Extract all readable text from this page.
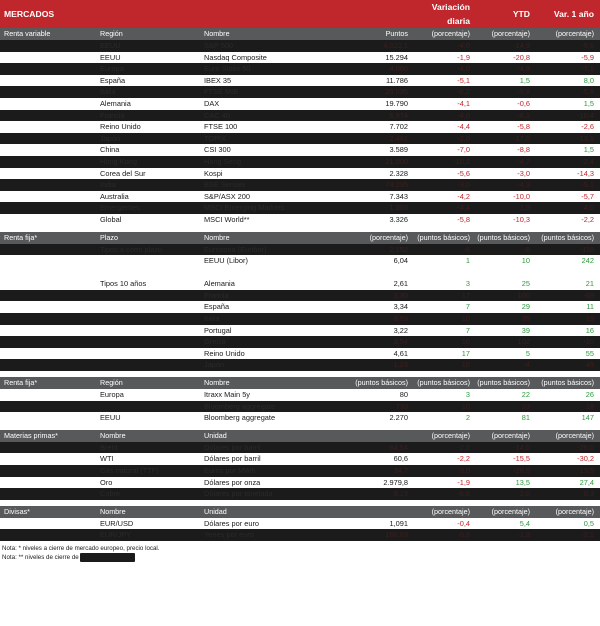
MERCADOS				Variación diaria	YTD	Var. 1 año
Renta variable	Región	Nombre	Puntos	(porcentaje)	(porcentaje)	(porcentaje)
	EEUU	S&P 500	4.022,1	-4,0	-14,9	-9,6
	EEUU	Nasdaq Composite	15.294	-1,9	-20,8	-5,9
	Europa	Euro Stoxx 50	4.060	-4,0	-4,9	-7,1
	España	IBEX 35	11.786	-5,1	1,5	8,0
	Italia	FTSE MIB	29.035	-6,2	-9,8	-5,8
	Alemania	DAX	19.790	-4,1	-0,6	1,5
	Francia	CAC 40	6.974	-4,0	-8,1	-10,4
	Reino Unido	FTSE 100	7.702	-4,4	-5,8	-2,6
	Japón	TOPIX	2.481	-2,0	-17,0	-13,1
	China	CSI 300	3.589	-7,0	-8,8	1,5
	Hong Kong	Hang Seng	21.000	-10,2	-4,7	-2,4
	Corea del Sur	Kospi	2.328	-5,6	-3,0	-14,3
	India	BSE Sensex	74.295	-3,0	-4,3	-5,1
	Australia	S&P/ASX 200	7.343	-4,2	-10,0	-5,7
	Emergentes	MSCI Emerging Markets	1.003	-4,4	1,9	4,0
	Global	MSCI World**	3.326	-5,8	-10,3	-2,2

Renta fija*	Plazo	Nombre	(porcentaje)	(puntos básicos)	(puntos básicos)	(puntos básicos)
	Tipos a corto plazo	Eurozona (Euribor)	2,152	-6	-8	-118
		EEUU (Libor)	6,04	1	10	242

	Tipos 10 años	Alemania	2,61	3	25	21
		Francia	3,30	17	100	-69
		España	3,34	7	29	11
		Italia	3,93	10	35	19
		Portugal	3,22	7	39	16
		Grecia	3,54	10	102	-10
		Reino Unido	4,61	17	5	55
		Japón	1,23	10	-4	49

Renta fija*	Región	Nombre	(puntos básicos)	(puntos básicos)	(puntos básicos)	(puntos básicos)
	Europa	Itraxx Main 5y	80	3	22	26
		Bloomberg aggregate	733	10	33	18
	EEUU	Bloomberg aggregate	2.270	2	81	147

Materias primas*	Nombre	Unidad		(porcentaje)	(porcentaje)	(porcentaje)
	Brent	Dólares por barril	64,54	-2,2	-14,0	-26,0
	WTI	Dólares por barril	60,6	-2,2	-15,5	-30,2
	Gas natural (TTF)	Euros por MWh	34,7	-3,0	-28,6	13,5
	Oro	Dólares por onza	2.979,8	-1,9	13,5	27,4
	Cobre	Dólares por tonelada	9,13	-6,6	2,0	0,3

Divisas*	Nombre	Unidad		(porcentaje)	(porcentaje)	(porcentaje)
	EUR/USD	Dólares por euro	1,091	-0,4	5,4	0,5
	EUR/JPY	Yenes por euro	160,83	-0,8	-1,3	-2,1
Nota: * niveles a cierre de mercado europeo, precio local.
Nota: ** niveles de cierre de mercado americano
